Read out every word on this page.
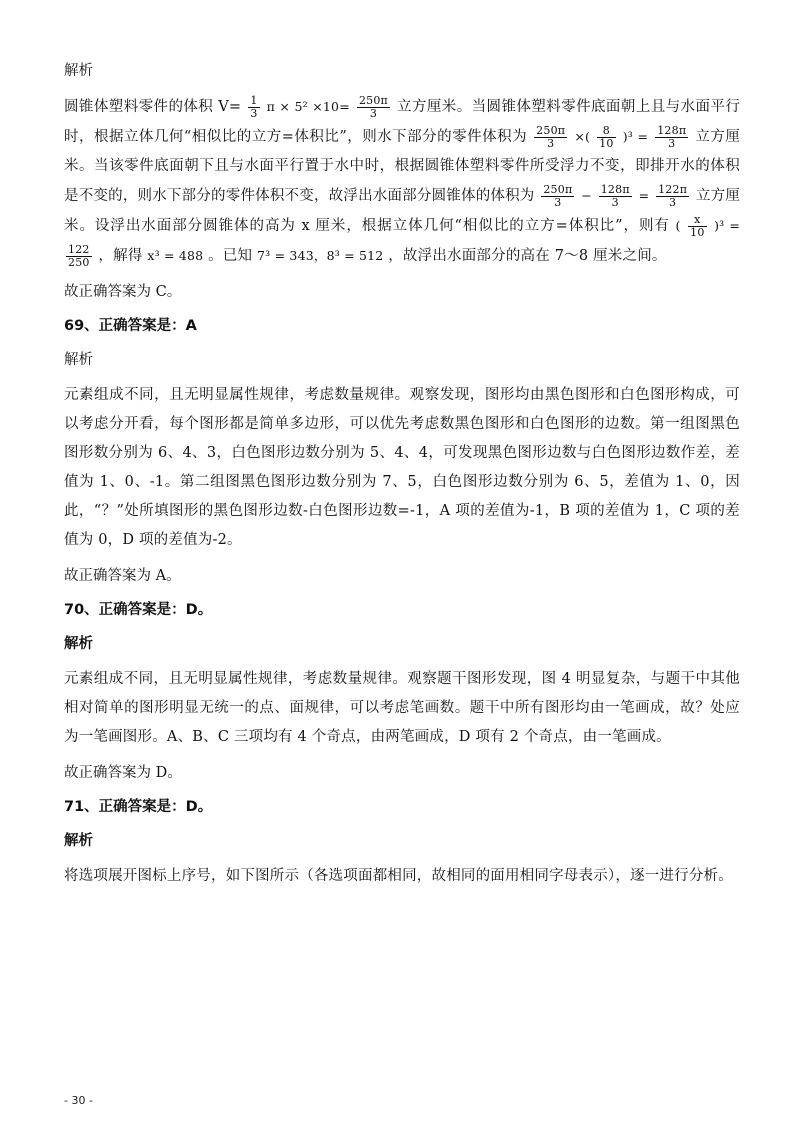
解析

圆锥体塑料零件的体积 $V= \frac{1}{3}$ $\pi \times 5^2 \times 10= \frac{250\pi}{3}$ 立方厘米。当圆锥体塑料零件底面朝上且与水面平行时，根据立体几何“相似比的立方=体积比”，则水下部分的零件体积为 $\frac{250\pi}{3}$ ×( $\frac{8}{10} )^3 = \frac{128\pi}{3}$ 立方厘米。当该零件底面朝下且与水面平行置于水中时，根据圆锥体塑料零件所受浮力不变，即排开水的体积是不变的，则水下部分的零件体积不变，故浮出水面部分圆锥体的体积为 $\frac{250\pi}{3} - \frac{128\pi}{3} = \frac{122\pi}{3}$ 立方厘米。设浮出水面部分圆锥体的高为 x 厘米，根据立体几何“相似比的立方=体积比”，则有 ( $\frac{x}{10} )^3$ =
$\frac{122}{250}$ ，解得 x³ = 488 。已知 7³ = 343，8³ = 512 ，故浮出水面部分的高在 7～8 厘米之间。

故正确答案为 C。

69、正确答案是：A

解析

元素组成不同，且无明显属性规律，考虑数量规律。观察发现，图形均由黑色图形和白色图形构成，可以考虑分开看，每个图形都是简单多边形，可以优先考虑数黑色图形和白色图形的边数。第一组图黑色图形数分别为 6、4、3，白色图形边数分别为 5、4、4，可发现黑色图形边数与白色图形边数作差，差值为 1、0、-1。第二组图黑色图形边数分别为 7、5，白色图形边数分别为 6、5，差值为 1、0，因此，“？”处所填图形的黑色图形边数-白色图形边数=-1，A 项的差值为-1，B 项的差值为 1，C 项的差值为 0，D 项的差值为-2。

故正确答案为 A。

70、正确答案是：D。

解析

元素组成不同，且无明显属性规律，考虑数量规律。观察题干图形发现，图 4 明显复杂，与题干中其他相对简单的图形明显无统一的点、面规律，可以考虑笔画数。题干中所有图形均由一笔画成，故？处应为一笔画图形。A、B、C 三项均有 4 个奇点，由两笔画成，D 项有 2 个奇点，由一笔画成。

故正确答案为 D。

71、正确答案是：D。

解析

将选项展开图标上序号，如下图所示（各选项面都相同，故相同的面用相同字母表示），逐一进行分析。

- 30 -
